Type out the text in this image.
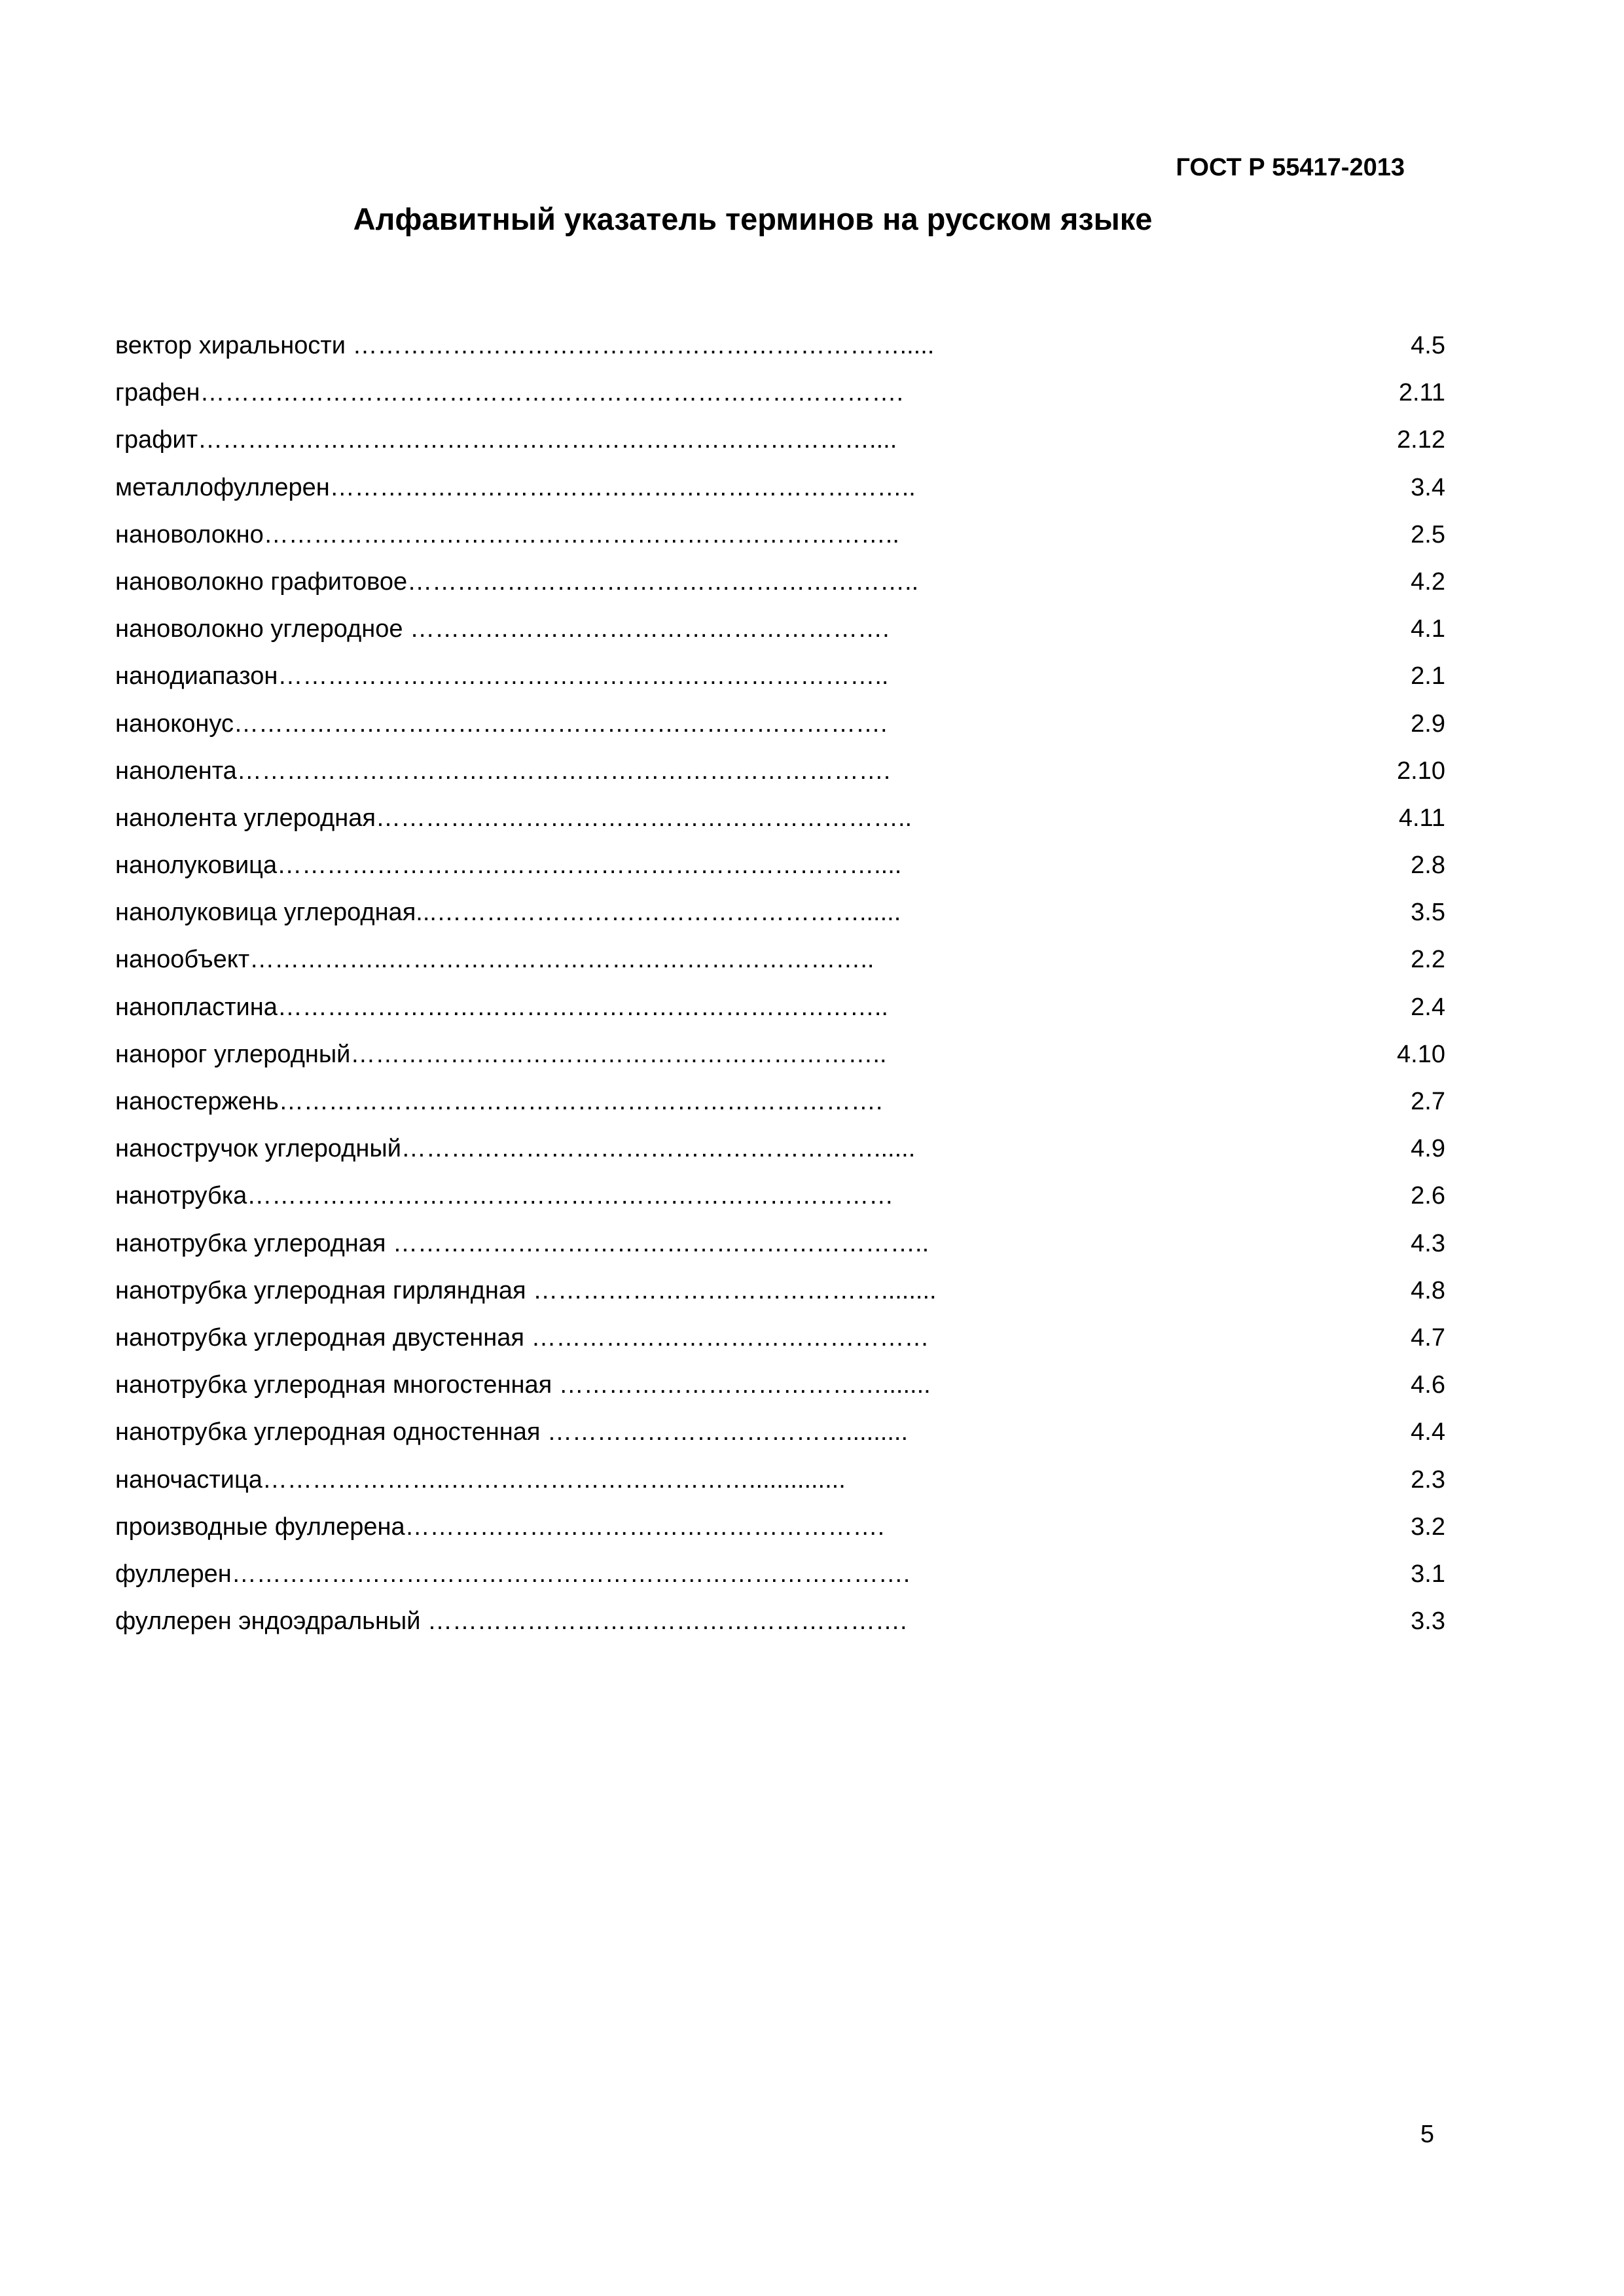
ГОСТ Р 55417-2013
Алфавитный указатель терминов на русском языке
вектор хиральности ………………………………………………………….....	4.5
графен………………………………………………………………………….	2.11
графит………………………………………………………………………....	2.12
металлофуллерен……………………………………………………………..	3.4
нановолокно…………………………………………………………………..	2.5
нановолокно графитовое……………………………………………………..	4.2
нановолокно углеродное ………………………………………………….	4.1
нанодиапазон………………………………………………………………..	2.1
наноконус…………………………………………………………………….	2.9
нанолента…………………………………………………………………….	2.10
нанолента углеродная………………………………………………………..	4.11
нанолуковица………………………………………………………………....	2.8
нанолуковица углеродная...……………………………………………......	3.5
нанообъект……………..…………………………………………………..	2.2
нанопластина………………………………………………………………..	2.4
нанорог углеродный………………………………………………………..	4.10
наностержень……………………………………………………………….	2.7
наностручок углеродный…………………………………………………......	4.9
нанотрубка……………………………………………………………………	2.6
нанотрубка углеродная ………………………………………………………..	4.3
нанотрубка углеродная гирляндная ……………………………………........	4.8
нанотрубка углеродная двустенная …………………………………………	4.7
нанотрубка углеродная многостенная ………………………………….......	4.6
нанотрубка углеродная одностенная ……………………………….........	4.4
наночастица…………………..………………………………..............	2.3
производные фуллерена………………………………………………….	3.2
фуллерен……………………………………………………………………….	3.1
фуллерен эндоэдральный ………………………………………………….	3.3
5
